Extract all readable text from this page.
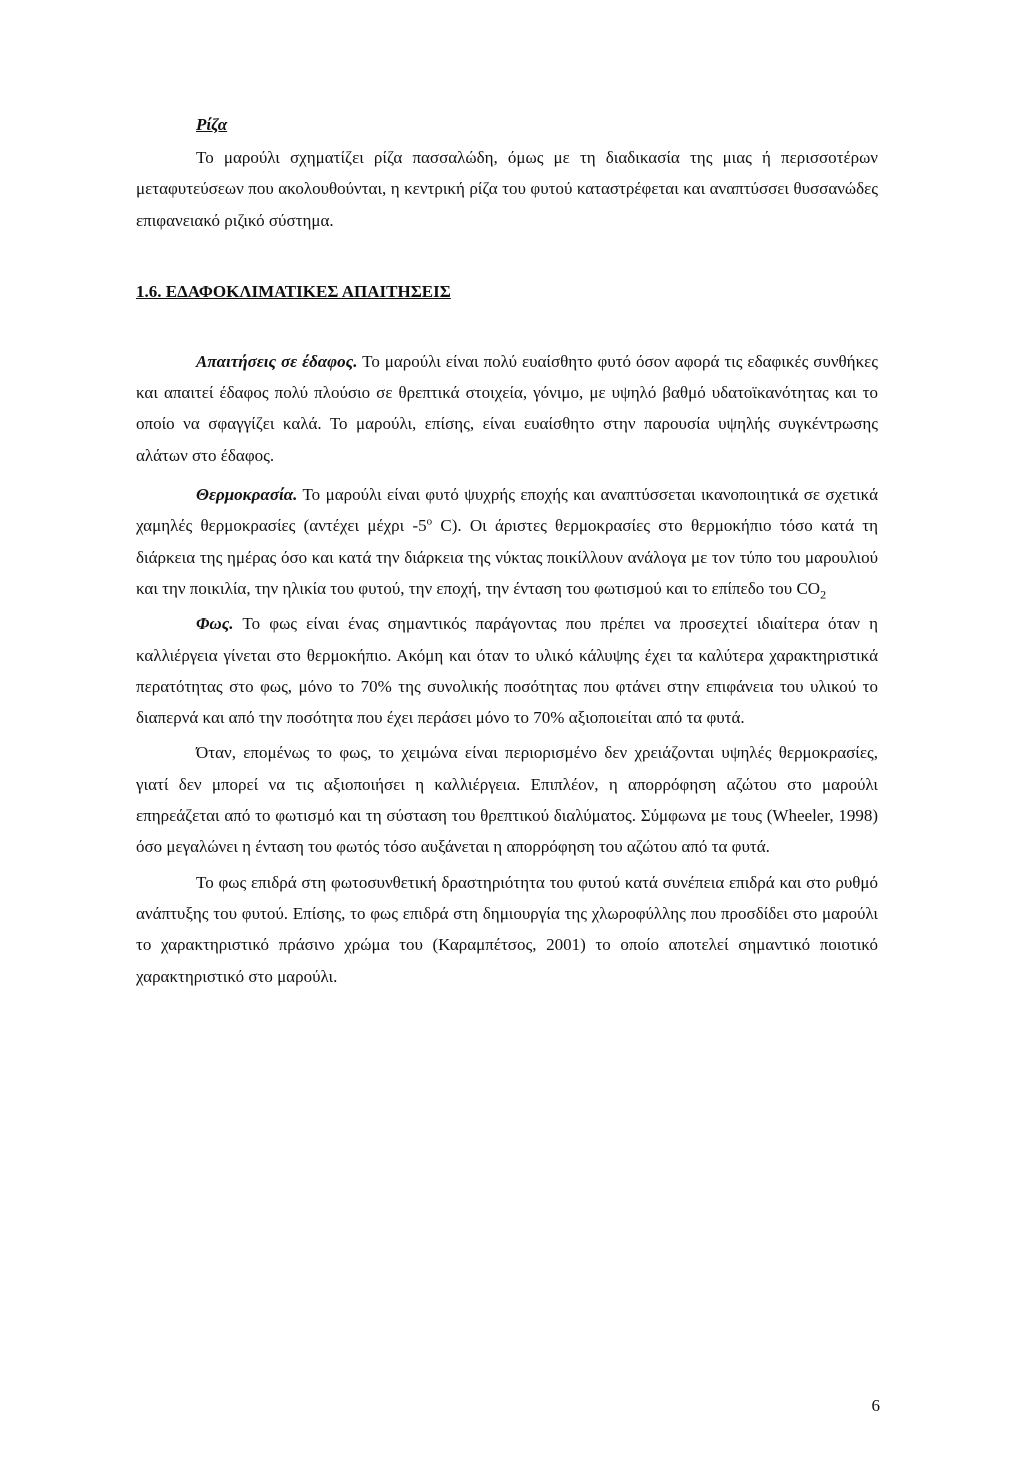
Ρίζα

Το μαρούλι σχηματίζει ρίζα πασσαλώδη, όμως με τη διαδικασία της μιας ή περισσοτέρων μεταφυτεύσεων που ακολουθούνται, η κεντρική ρίζα του φυτού καταστρέφεται και αναπτύσσει θυσσανώδες επιφανειακό ριζικό σύστημα.

1.6. ΕΔΑΦΟΚΛΙΜΑΤΙΚΕΣ ΑΠΑΙΤΗΣΕΙΣ

Απαιτήσεις σε έδαφος. Το μαρούλι είναι πολύ ευαίσθητο φυτό όσον αφορά τις εδαφικές συνθήκες και απαιτεί έδαφος πολύ πλούσιο σε θρεπτικά στοιχεία, γόνιμο, με υψηλό βαθμό υδατοϊκανότητας και το οποίο να σφαγγίζει καλά. Το μαρούλι, επίσης, είναι ευαίσθητο στην παρουσία υψηλής συγκέντρωσης αλάτων στο έδαφος.

Θερμοκρασία. Το μαρούλι είναι φυτό ψυχρής εποχής και αναπτύσσεται ικανοποιητικά σε σχετικά χαμηλές θερμοκρασίες (αντέχει μέχρι $-5^o$ C). Οι άριστες θερμοκρασίες στο θερμοκήπιο τόσο κατά τη διάρκεια της ημέρας όσο και κατά την διάρκεια της νύκτας ποικίλλουν ανάλογα με τον τύπο του μαρουλιού και την ποικιλία, την ηλικία του φυτού, την εποχή, την ένταση του φωτισμού και το επίπεδο του $CO_2$

Φως. Το φως είναι ένας σημαντικός παράγοντας που πρέπει να προσεχτεί ιδιαίτερα όταν η καλλιέργεια γίνεται στο θερμοκήπιο. Ακόμη και όταν το υλικό κάλυψης έχει τα καλύτερα χαρακτηριστικά περατότητας στο φως, μόνο το 70% της συνολικής ποσότητας που φτάνει στην επιφάνεια του υλικού το διαπερνά και από την ποσότητα που έχει περάσει μόνο το 70% αξιοποιείται από τα φυτά.

Όταν, επομένως το φως, το χειμώνα είναι περιορισμένο δεν χρειάζονται υψηλές θερμοκρασίες, γιατί δεν μπορεί να τις αξιοποιήσει η καλλιέργεια. Επιπλέον, η απορρόφηση αζώτου στο μαρούλι επηρεάζεται από το φωτισμό και τη σύσταση του θρεπτικού διαλύματος. Σύμφωνα με τους (Wheeler, 1998) όσο μεγαλώνει η ένταση του φωτός τόσο αυξάνεται η απορρόφηση του αζώτου από τα φυτά.

Το φως επιδρά στη φωτοσυνθετική δραστηριότητα του φυτού κατά συνέπεια επιδρά και στο ρυθμό ανάπτυξης του φυτού. Επίσης, το φως επιδρά στη δημιουργία της χλωροφύλλης που προσδίδει στο μαρούλι το χαρακτηριστικό πράσινο χρώμα του (Καραμπέτσος, 2001) το οποίο αποτελεί σημαντικό ποιοτικό χαρακτηριστικό στο μαρούλι.

6
